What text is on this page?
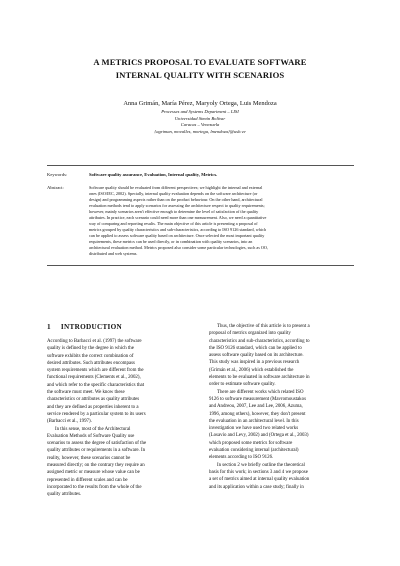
A METRICS PROPOSAL TO EVALUATE SOFTWARE
INTERNAL QUALITY WITH SCENARIOS
Anna Grimán, María Pérez, Maryoly Ortega, Luis Mendoza
Processes and Systems Department – LISI
Universidad Simón Bolívar
Caracas – Venezuela
{agriman, movalles, mortega, lmendoza}@usb.ve
Keywords:	Software quality assurance, Evaluation, Internal quality, Metrics.
Abstract:	Software quality should be evaluated from different perspectives; we highlight the internal and external
ones (ISO/IEC, 2002). Specially, internal quality evaluation depends on the software architecture (or
design) and programming aspects rather than on the product behaviour. On the other hand, architectural
evaluation methods tend to apply scenarios for assessing the architecture respect to quality requirements;
however, mainly scenarios aren't effective enough to determine the level of satisfaction of the quality
attributes. In practice, each scenario could need more than one measurement. Also, we need a quantitative
way of comparing and reporting results. The main objective of this article is presenting a proposal of
metrics grouped by quality characteristics and sub-characteristics, according to ISO 9126 standard, which
can be applied to assess software quality based on architecture. Once selected the most important quality
requirements, these metrics can be used directly, or in combination with quality scenarios, into an
architectural evaluation method. Metrics proposed also consider some particular technologies, such as OO,
distributed and web systems.
1 INTRODUCTION
According to Barbacci et al. (1997) the software
quality is defined by the degree in which the
software exhibits the correct combination of
desired attributes. Such attributes encompass
system requirements which are different from the
functional requirements (Clements et al., 2002),
and which refer to the specific characteristics that
the software must meet. We know these
characteristics or attributes as quality attributes
and they are defined as properties inherent to a
service rendered by a particular system to its users
(Barbacci et al., 1997).
In this sense, most of the Architectural
Evaluation Methods of Software Quality use
scenarios to assess the degree of satisfaction of the
quality attributes or requirements in a software. In
reality, however, these scenarios cannot be
measured directly; on the contrary they require an
assigned metric or measure whose value can be
represented in different scales and can be
incorporated to the results from the whole of the
quality attributes.
Thus, the objective of this article is to present a
proposal of metrics organized into quality
characteristics and sub-characteristics, according to
the ISO 9126 standard, which can be applied to
assess software quality based on its architecture.
This study was inspired in a previous research
(Grimán et al., 2006) which established the
elements to be evaluated in software architecture in
order to estimate software quality.
There are different works which related ISO
9126 to software measurement (Mavromoustakos
and Andreou, 2007, Lee and Lee, 2006, Azuma,
1996, among others), however, they don't present
the evaluation in an architectural level. In this
investigation we have used two related works
(Losavio and Levy, 2002) and (Ortega et al., 2003)
which proposed some metrics for software
evaluation considering internal (architectural)
elements according to ISO 9126.
In section 2 we briefly outline the theoretical
basis for this work; in sections 3 and 4 we propose
a set of metrics aimed at internal quality evaluation
and its application within a case study; finally in
